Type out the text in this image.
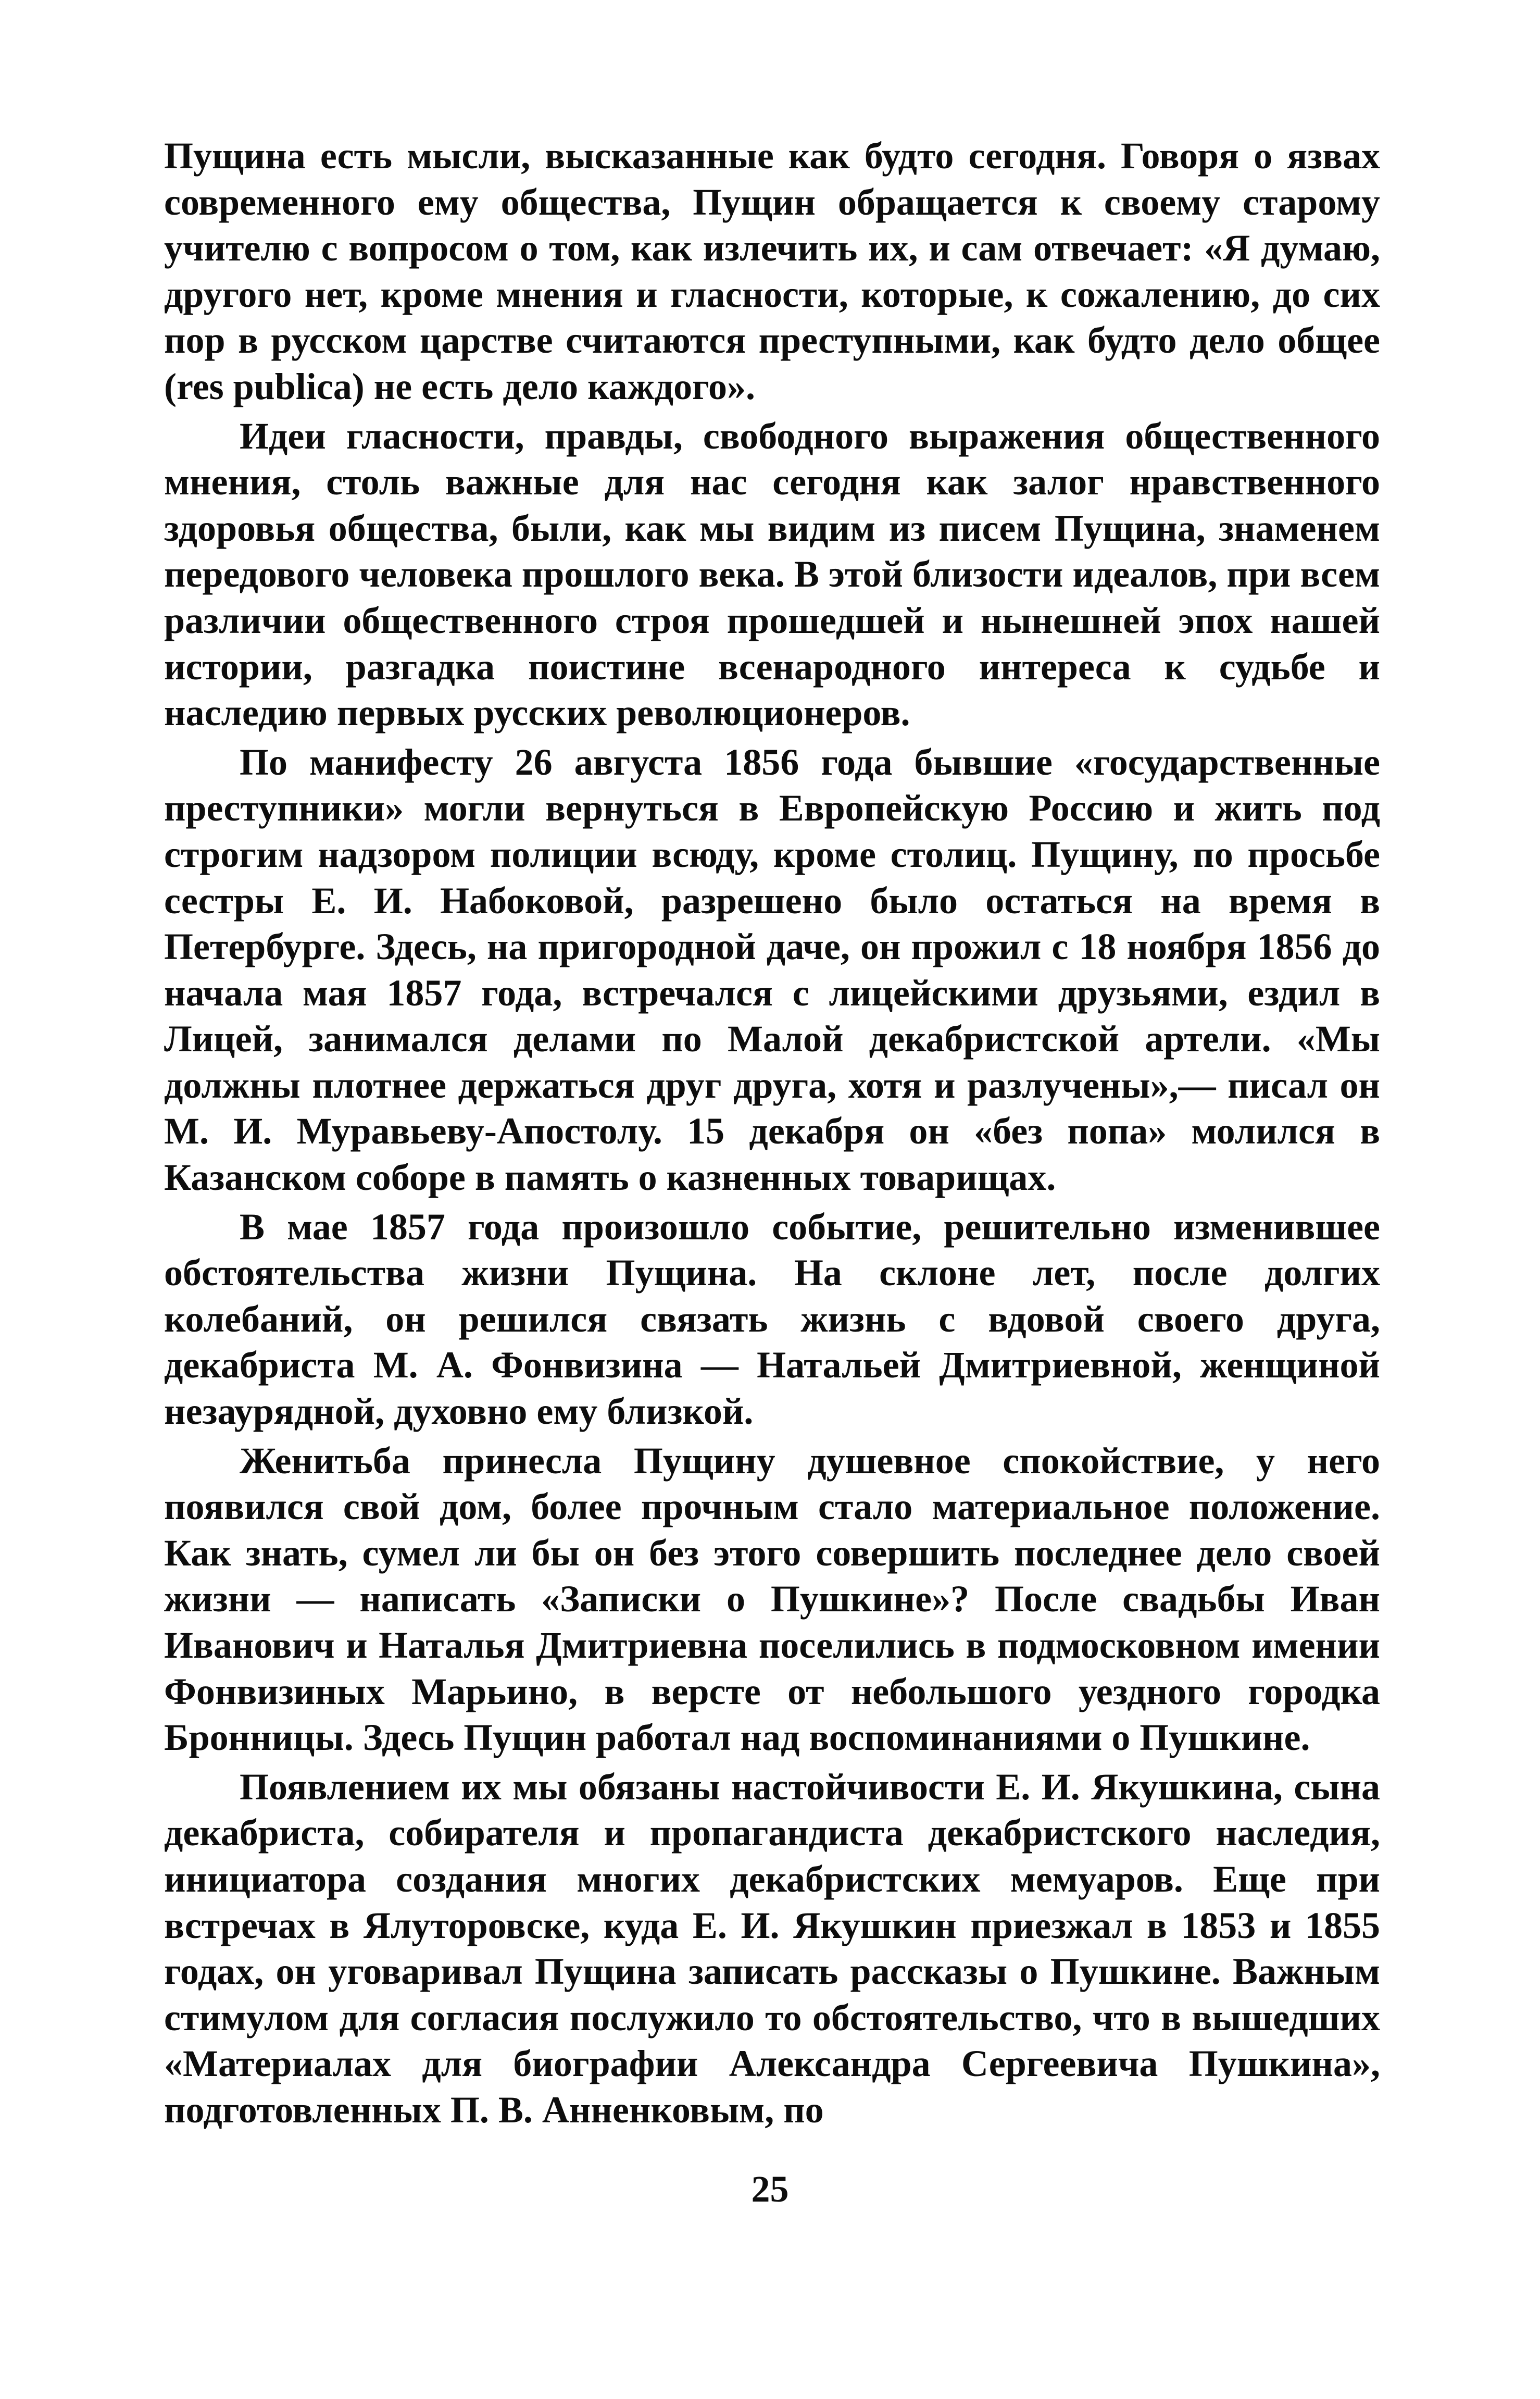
Пущина есть мысли, высказанные как будто сегодня. Говоря о язвах современного ему общества, Пущин обращается к своему старому учителю с вопросом о том, как излечить их, и сам отвечает: «Я думаю, другого нет, кроме мнения и гласности, которые, к сожалению, до сих пор в русском царстве считаются преступными, как будто дело общее (res publica) не есть дело каждого».

Идеи гласности, правды, свободного выражения общественного мнения, столь важные для нас сегодня как залог нравственного здоровья общества, были, как мы видим из писем Пущина, знаменем передового человека прошлого века. В этой близости идеалов, при всем различии общественного строя прошедшей и нынешней эпох нашей истории, разгадка поистине всенародного интереса к судьбе и наследию первых русских революционеров.

По манифесту 26 августа 1856 года бывшие «государственные преступники» могли вернуться в Европейскую Россию и жить под строгим надзором полиции всюду, кроме столиц. Пущину, по просьбе сестры Е. И. Набоковой, разрешено было остаться на время в Петербурге. Здесь, на пригородной даче, он прожил с 18 ноября 1856 до начала мая 1857 года, встречался с лицейскими друзьями, ездил в Лицей, занимался делами по Малой декабристской артели. «Мы должны плотнее держаться друг друга, хотя и разлучены»,— писал он М. И. Муравьеву-Апостолу. 15 декабря он «без попа» молился в Казанском соборе в память о казненных товарищах.

В мае 1857 года произошло событие, решительно изменившее обстоятельства жизни Пущина. На склоне лет, после долгих колебаний, он решился связать жизнь с вдовой своего друга, декабриста М. А. Фонвизина — Натальей Дмитриевной, женщиной незаурядной, духовно ему близкой.

Женитьба принесла Пущину душевное спокойствие, у него появился свой дом, более прочным стало материальное положение. Как знать, сумел ли бы он без этого совершить последнее дело своей жизни — написать «Записки о Пушкине»? После свадьбы Иван Иванович и Наталья Дмитриевна поселились в подмосковном имении Фонвизиных Марьино, в версте от небольшого уездного городка Бронницы. Здесь Пущин работал над воспоминаниями о Пушкине.

Появлением их мы обязаны настойчивости Е. И. Якушкина, сына декабриста, собирателя и пропагандиста декабристского наследия, инициатора создания многих декабристских мемуаров. Еще при встречах в Ялуторовске, куда Е. И. Якушкин приезжал в 1853 и 1855 годах, он уговаривал Пущина записать рассказы о Пушкине. Важным стимулом для согласия послужило то обстоятельство, что в вышедших «Материалах для биографии Александра Сергеевича Пушкина», подготовленных П. В. Анненковым, по

25
